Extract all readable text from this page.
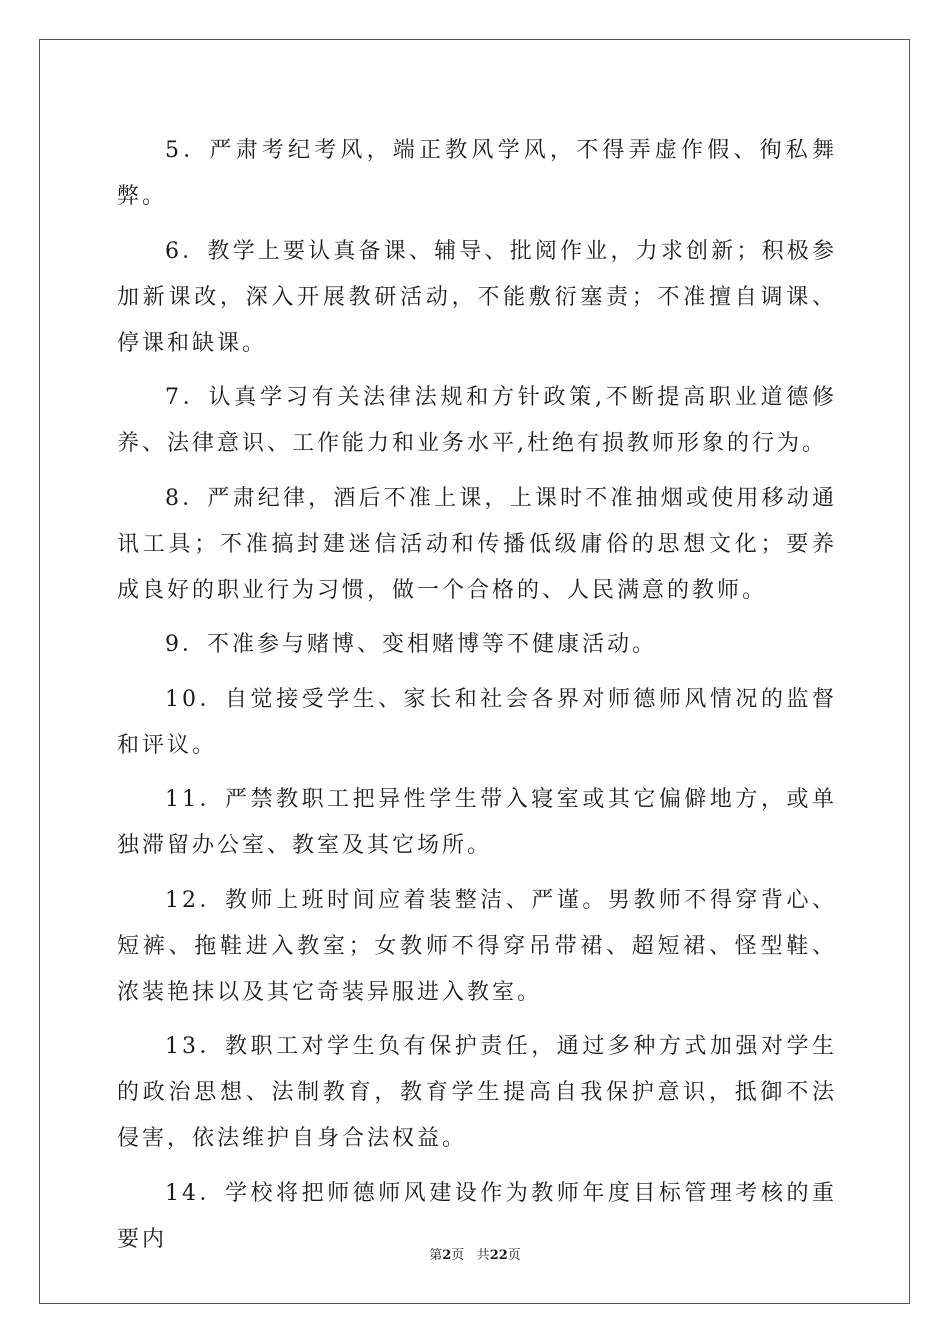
5．严肃考纪考风，端正教风学风，不得弄虚作假、徇私舞弊。

6．教学上要认真备课、辅导、批阅作业，力求创新；积极参加新课改，深入开展教研活动，不能敷衍塞责；不准擅自调课、停课和缺课。

7．认真学习有关法律法规和方针政策,不断提高职业道德修养、法律意识、工作能力和业务水平,杜绝有损教师形象的行为。

8．严肃纪律，酒后不准上课，上课时不准抽烟或使用移动通讯工具；不准搞封建迷信活动和传播低级庸俗的思想文化；要养成良好的职业行为习惯，做一个合格的、人民满意的教师。

9．不准参与赌博、变相赌博等不健康活动。

10．自觉接受学生、家长和社会各界对师德师风情况的监督和评议。

11．严禁教职工把异性学生带入寝室或其它偏僻地方，或单独滞留办公室、教室及其它场所。

12．教师上班时间应着装整洁、严谨。男教师不得穿背心、短裤、拖鞋进入教室；女教师不得穿吊带裙、超短裙、怪型鞋、浓装艳抹以及其它奇装异服进入教室。

13．教职工对学生负有保护责任，通过多种方式加强对学生的政治思想、法制教育，教育学生提高自我保护意识，抵御不法侵害，依法维护自身合法权益。

14．学校将把师德师风建设作为教师年度目标管理考核的重要内

第2页 共22页
